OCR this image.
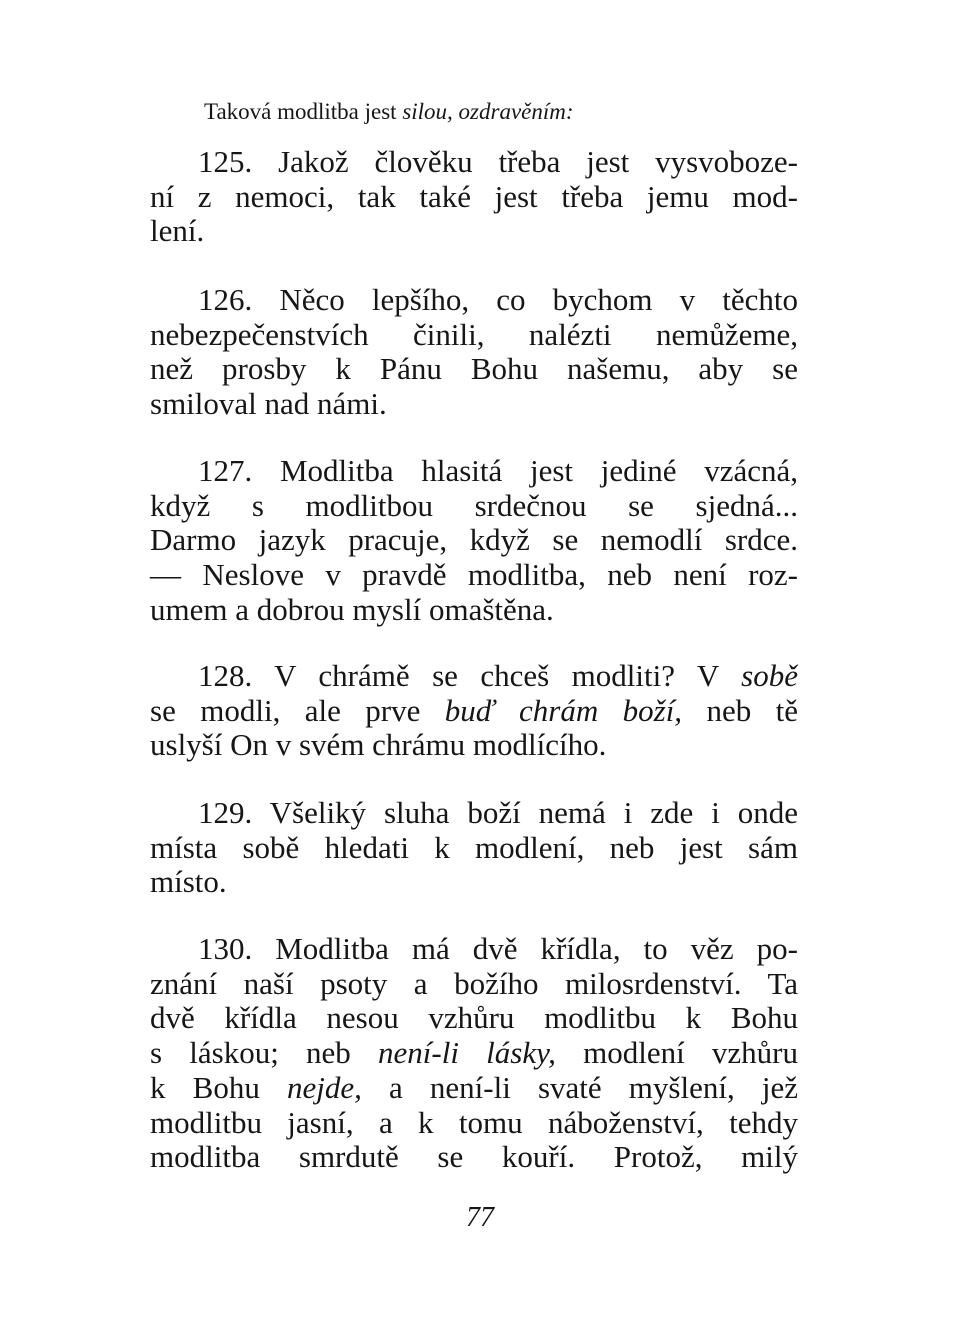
Taková modlitba jest silou, ozdravěním:
125. Jakož člověku třeba jest vysvoboze-
ní z nemoci, tak také jest třeba jemu mod-
lení.
126. Něco lepšího, co bychom v těchto
nebezpečenstvích činili, nalézti nemůžeme,
než prosby k Pánu Bohu našemu, aby se
smiloval nad námi.
127. Modlitba hlasitá jest jediné vzácná,
když s modlitbou srdečnou se sjedná...
Darmo jazyk pracuje, když se nemodlí srdce.
— Neslove v pravdě modlitba, neb není roz-
umem a dobrou myslí omaštěna.
128. V chrámě se chceš modliti? V sobě
se modli, ale prve buď chrám boží, neb tě
uslyší On v svém chrámu modlícího.
129. Všeliký sluha boží nemá i zde i onde
místa sobě hledati k modlení, neb jest sám
místo.
130. Modlitba má dvě křídla, to věz po-
znání naší psoty a božího milosrdenství. Ta
dvě křídla nesou vzhůru modlitbu k Bohu
s láskou; neb není-li lásky, modlení vzhůru
k Bohu nejde, a není-li svaté myšlení, jež
modlitbu jasní, a k tomu náboženství, tehdy
modlitba smrdutě se kouří. Protož, milý
77
